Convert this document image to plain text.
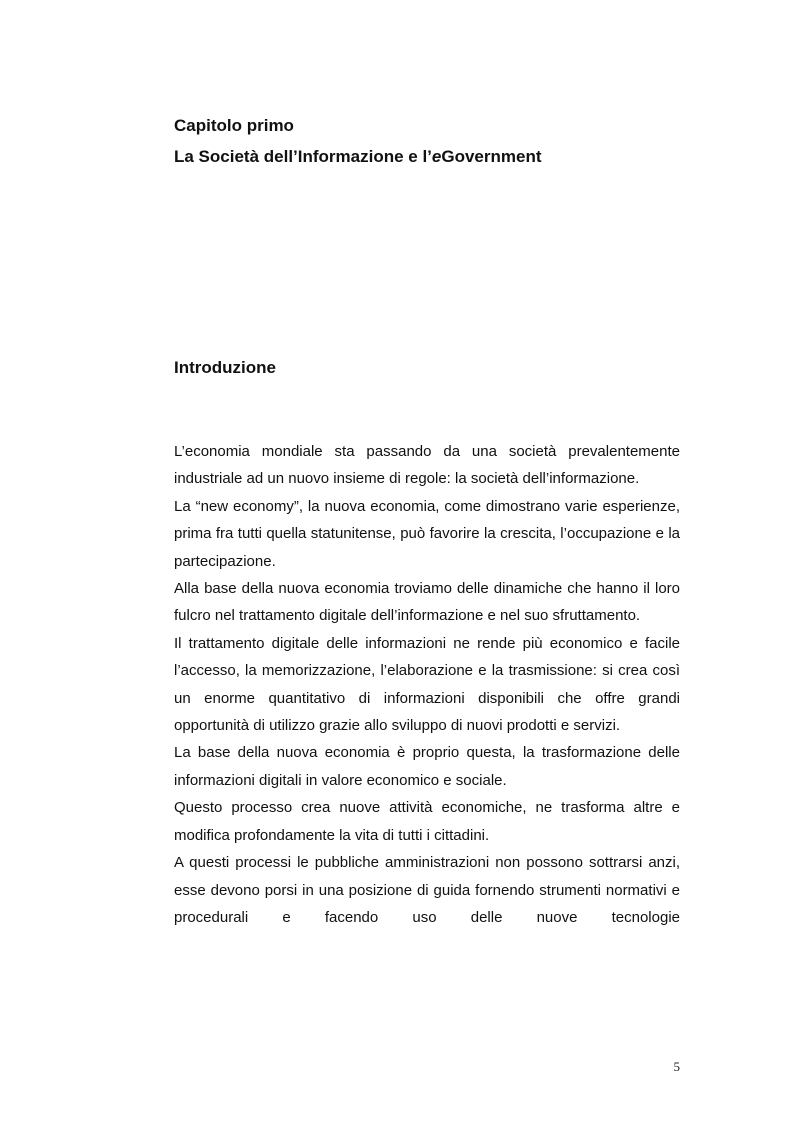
Capitolo primo
La Società dell’Informazione e l’eGovernment
Introduzione

L’economia mondiale sta passando da una società prevalentemente industriale ad un nuovo insieme di regole: la società dell’informazione.

La “new economy”, la nuova economia, come dimostrano varie esperienze, prima fra tutti quella statunitense, può favorire la crescita, l’occupazione e la partecipazione.

Alla base della nuova economia troviamo delle dinamiche che hanno il loro fulcro nel trattamento digitale dell’informazione e nel suo sfruttamento.

Il trattamento digitale delle informazioni ne rende più economico e facile l’accesso, la memorizzazione, l’elaborazione e la trasmissione: si crea così un enorme quantitativo di informazioni disponibili che offre grandi opportunità di utilizzo grazie allo sviluppo di nuovi prodotti e servizi.

La base della nuova economia è proprio questa, la trasformazione delle informazioni digitali in valore economico e sociale.

Questo processo crea nuove attività economiche, ne trasforma altre e modifica profondamente la vita di tutti i cittadini.

A questi processi le pubbliche amministrazioni non possono sottrarsi anzi, esse devono porsi in una posizione di guida fornendo strumenti normativi e procedurali e facendo uso delle nuove tecnologie

5
